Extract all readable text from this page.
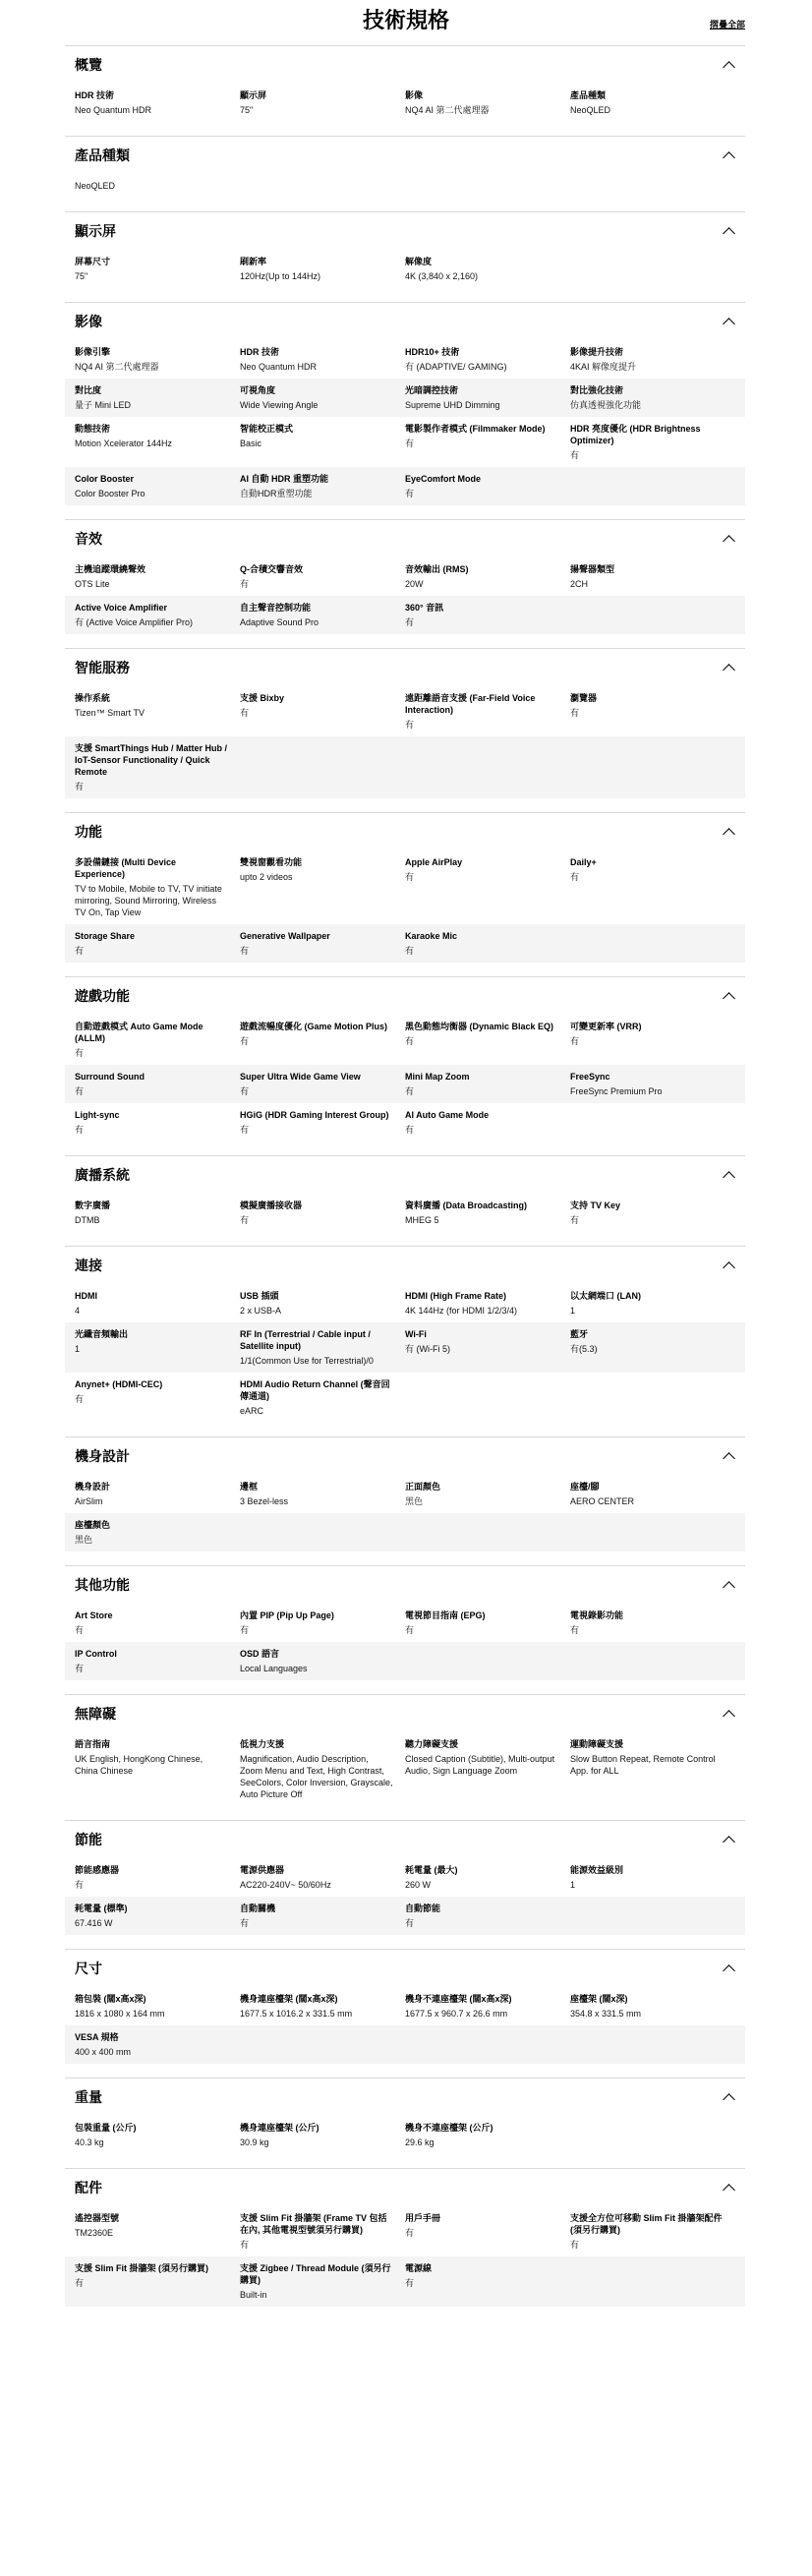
技術規格	摺疊全部
概覽
HDR 技術
Neo Quantum HDR
顯示屏
75"
影像
NQ4 AI 第二代處理器
產品種類
NeoQLED
產品種類
NeoQLED
顯示屏
屏幕尺寸
75"
刷新率
120Hz(Up to 144Hz)
解像度
4K (3,840 x 2,160)
影像
影像引擎
NQ4 AI 第二代處理器
HDR 技術
Neo Quantum HDR
HDR10+ 技術
有 (ADAPTIVE/ GAMING)
影像提升技術
4KAI 解像度提升
對比度
量子 Mini LED
可視角度
Wide Viewing Angle
光暗調控技術
Supreme UHD Dimming
對比強化技術
仿真透視強化功能
動態技術
Motion Xcelerator 144Hz
智能校正模式
Basic
電影製作者模式 (Filmmaker Mode)
有
HDR 亮度優化 (HDR Brightness Optimizer)
有
Color Booster
Color Booster Pro
AI 自動 HDR 重塑功能
自動HDR重塑功能
EyeComfort Mode
有
音效
主機追蹤環繞聲效
OTS Lite
Q-合積交響音效
有
音效輸出 (RMS)
20W
揚聲器類型
2CH
Active Voice Amplifier
有 (Active Voice Amplifier Pro)
自主聲音控制功能
Adaptive Sound Pro
360° 音訊
有
智能服務
操作系統
Tizen™ Smart TV
支援 Bixby
有
遠距離語音支援 (Far-Field Voice Interaction)
有
瀏覽器
有
支援 SmartThings Hub / Matter Hub / IoT-Sensor Functionality / Quick Remote
有
功能
多設備鏈接 (Multi Device Experience)
TV to Mobile, Mobile to TV, TV initiate mirroring, Sound Mirroring, Wireless TV On, Tap View
雙視窗觀看功能
upto 2 videos
Apple AirPlay
有
Daily+
有
Storage Share
有
Generative Wallpaper
有
Karaoke Mic
有
遊戲功能
自動遊戲模式 Auto Game Mode (ALLM)
有
遊戲流暢度優化 (Game Motion Plus)
有
黑色動態均衡器 (Dynamic Black EQ)
有
可變更新率 (VRR)
有
Surround Sound
有
Super Ultra Wide Game View
有
Mini Map Zoom
有
FreeSync
FreeSync Premium Pro
Light-sync
有
HGiG (HDR Gaming Interest Group)
有
AI Auto Game Mode
有
廣播系統
數字廣播
DTMB
模擬廣播接收器
有
資料廣播 (Data Broadcasting)
MHEG 5
支持 TV Key
有
連接
HDMI
4
USB 插頭
2 x USB-A
HDMI (High Frame Rate)
4K 144Hz (for HDMI 1/2/3/4)
以太網端口 (LAN)
1
光纖音頻輸出
1
RF In (Terrestrial / Cable input / Satellite input)
1/1(Common Use for Terrestrial)/0
Wi-Fi
有 (Wi-Fi 5)
藍牙
有(5.3)
Anynet+ (HDMI-CEC)
有
HDMI Audio Return Channel (聲音回傳通道)
eARC
機身設計
機身設計
AirSlim
邊框
3 Bezel-less
正面顏色
黑色
座檯/腳
AERO CENTER
座檯顏色
黑色
其他功能
Art Store
有
內置 PIP (Pip Up Page)
有
電視節目指南 (EPG)
有
電視錄影功能
有
IP Control
有
OSD 語言
Local Languages
無障礙
語言指南
UK English, HongKong Chinese, China Chinese
低視力支援
Magnification, Audio Description, Zoom Menu and Text, High Contrast, SeeColors, Color Inversion, Grayscale, Auto Picture Off
聽力障礙支援
Closed Caption (Subtitle), Multi-output Audio, Sign Language Zoom
運動障礙支援
Slow Button Repeat, Remote Control App. for ALL
節能
節能感應器
有
電源供應器
AC220-240V~ 50/60Hz
耗電量 (最大)
260 W
能源效益級別
1
耗電量 (標準)
67.416 W
自動關機
有
自動節能
有
尺寸
箱包裝 (闊x高x深)
1816 x 1080 x 164 mm
機身連座檯架 (闊x高x深)
1677.5 x 1016.2 x 331.5 mm
機身不連座檯架 (闊x高x深)
1677.5 x 960.7 x 26.6 mm
座檯架 (闊x深)
354.8 x 331.5 mm
VESA 規格
400 x 400 mm
重量
包裝重量 (公斤)
40.3 kg
機身連座檯架 (公斤)
30.9 kg
機身不連座檯架 (公斤)
29.6 kg
配件
遙控器型號
TM2360E
支援 Slim Fit 掛牆架 (Frame TV 包括在內, 其他電視型號須另行購買)
有
用戶手冊
有
支援全方位可移動 Slim Fit 掛牆架配件 (須另行購買)
有
支援 Slim Fit 掛牆架 (須另行購買)
有
支援 Zigbee / Thread Module (須另行購買)
Built-in
電源線
有
